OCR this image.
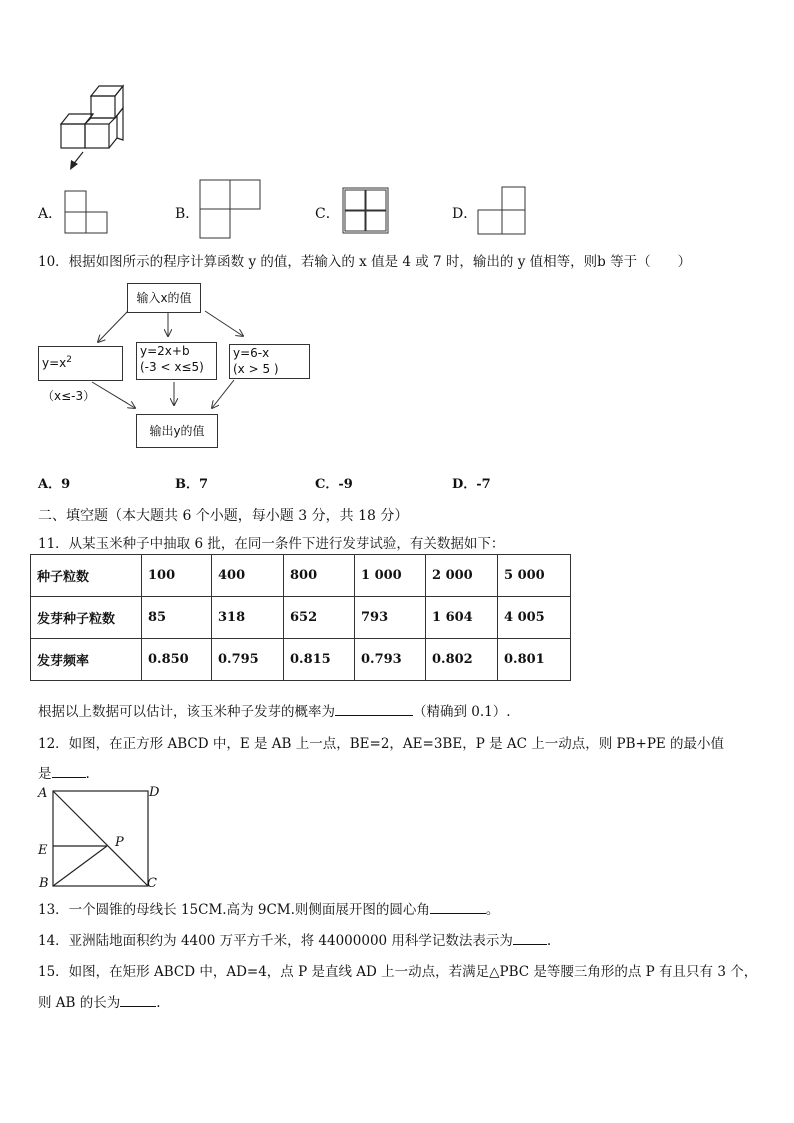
A．	B．	C．	D．
10．根据如图所示的程序计算函数 y 的值，若输入的 x 值是 4 或 7 时，输出的 y 值相等，则b 等于（　　）
输入x的值
$y=x^2(x\le-3)$
y=2x+b
(-3 < x≤5)
y=6-x
(x > 5 )
输出y的值
A．9	B．7	C．-9	D．-7
二、填空题（本大题共 6 个小题，每小题 3 分，共 18 分）
11．从某玉米种子中抽取 6 批，在同一条件下进行发芽试验，有关数据如下：
种子粒数	100	400	800	1 000	2 000	5 000
发芽种子粒数	85	318	652	793	1 604	4 005
发芽频率	0.850	0.795	0.815	0.793	0.802	0.801
根据以上数据可以估计，该玉米种子发芽的概率为	（精确到 0.1）.
12．如图，在正方形 ABCD 中，E 是 AB 上一点，BE=2，AE=3BE，P 是 AC 上一动点，则 PB+PE 的最小值
是	.
A	D
E
P
B	C
13．一个圆锥的母线长 15CM.高为 9CM.则侧面展开图的圆心角	。
14．亚洲陆地面积约为 4400 万平方千米，将 44000000 用科学记数法表示为	.
15．如图，在矩形 ABCD 中，AD=4，点 P 是直线 AD 上一动点，若满足△PBC 是等腰三角形的点 P 有且只有 3 个，
则 AB 的长为	.
